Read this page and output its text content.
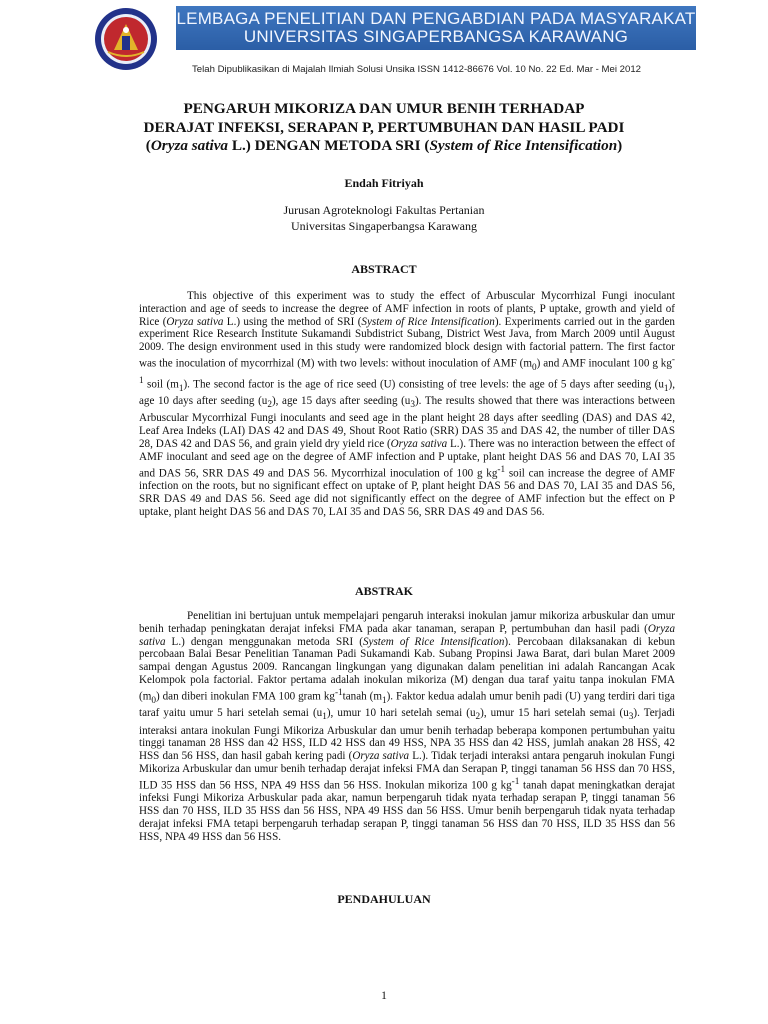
LEMBAGA PENELITIAN DAN PENGABDIAN PADA MASYARAKAT
UNIVERSITAS SINGAPERBANGSA KARAWANG
Telah Dipublikasikan di Majalah Ilmiah Solusi Unsika ISSN 1412-86676 Vol. 10 No. 22 Ed. Mar - Mei 2012
PENGARUH MIKORIZA DAN UMUR BENIH TERHADAP
DERAJAT INFEKSI, SERAPAN P, PERTUMBUHAN DAN HASIL PADI
(Oryza sativa L.) DENGAN METODA SRI (System of Rice Intensification)
Endah Fitriyah
Jurusan Agroteknologi Fakultas Pertanian
Universitas Singaperbangsa Karawang
ABSTRACT

This objective of this experiment was to study the effect of Arbuscular Mycorrhizal Fungi inoculant interaction and age of seeds to increase the degree of AMF infection in roots of plants, P uptake, growth and yield of Rice (Oryza sativa L.) using the method of SRI (System of Rice Intensification). Experiments carried out in the garden experiment Rice Research Institute Sukamandi Subdistrict Subang, District West Java, from March 2009 until August 2009. The design environment used in this study were randomized block design with factorial pattern. The first factor was the inoculation of mycorrhizal (M) with two levels: without inoculation of AMF $(m_0)$ and AMF inoculant 100 g $kg^{-1}$ soil $(m_1)$. The second factor is the age of rice seed (U) consisting of tree levels: the age of 5 days after seeding $(u_1)$, age 10 days after seeding $(u_2)$, age 15 days after seeding $(u_3)$. The results showed that there was interactions between Arbuscular Mycorrhizal Fungi inoculants and seed age in the plant height 28 days after seedling (DAS) and DAS 42, Leaf Area Indeks (LAI) DAS 42 and DAS 49, Shout Root Ratio (SRR) DAS 35 and DAS 42, the number of tiller DAS 28, DAS 42 and DAS 56, and grain yield dry yield rice (Oryza sativa L.). There was no interaction between the effect of AMF inoculant and seed age on the degree of AMF infection and P uptake, plant height DAS 56 and DAS 70, LAI 35 and DAS 56, SRR DAS 49 and DAS 56. Mycorrhizal inoculation of 100 g $kg^{-1}$ soil can increase the degree of AMF infection on the roots, but no significant effect on uptake of P, plant height DAS 56 and DAS 70, LAI 35 and DAS 56, SRR DAS 49 and DAS 56. Seed age did not significantly effect on the degree of AMF infection but the effect on P uptake, plant height DAS 56 and DAS 70, LAI 35 and DAS 56, SRR DAS 49 and DAS 56.

ABSTRAK

Penelitian ini bertujuan untuk mempelajari pengaruh interaksi inokulan jamur mikoriza arbuskular dan umur benih terhadap peningkatan derajat infeksi FMA pada akar tanaman, serapan P, pertumbuhan dan hasil padi (Oryza sativa L.) dengan menggunakan metoda SRI (System of Rice Intensification). Percobaan dilaksanakan di kebun percobaan Balai Besar Penelitian Tanaman Padi Sukamandi Kab. Subang Propinsi Jawa Barat, dari bulan Maret 2009 sampai dengan Agustus 2009. Rancangan lingkungan yang digunakan dalam penelitian ini adalah Rancangan Acak Kelompok pola factorial. Faktor pertama adalah inokulan mikoriza (M) dengan dua taraf yaitu tanpa inokulan FMA $(m_0)$ dan diberi inokulan FMA 100 gram $kg^{-1}tanah$ $(m_1)$. Faktor kedua adalah umur benih padi (U) yang terdiri dari tiga taraf yaitu umur 5 hari setelah semai $(u_1)$, umur 10 hari setelah semai $(u_2)$, umur 15 hari setelah semai $(u_3)$. Terjadi interaksi antara inokulan Fungi Mikoriza Arbuskular dan umur benih terhadap beberapa komponen pertumbuhan yaitu tinggi tanaman 28 HSS dan 42 HSS, ILD 42 HSS dan 49 HSS, NPA 35 HSS dan 42 HSS, jumlah anakan 28 HSS, 42 HSS dan 56 HSS, dan hasil gabah kering padi (Oryza sativa L.). Tidak terjadi interaksi antara pengaruh inokulan Fungi Mikoriza Arbuskular dan umur benih terhadap derajat infeksi FMA dan Serapan P, tinggi tanaman 56 HSS dan 70 HSS, ILD 35 HSS dan 56 HSS, NPA 49 HSS dan 56 HSS. Inokulan mikoriza 100 g $kg^{-1}$ tanah dapat meningkatkan derajat infeksi Fungi Mikoriza Arbuskular pada akar, namun berpengaruh tidak nyata terhadap serapan P, tinggi tanaman 56 HSS dan 70 HSS, ILD 35 HSS dan 56 HSS, NPA 49 HSS dan 56 HSS. Umur benih berpengaruh tidak nyata terhadap derajat infeksi FMA tetapi berpengaruh terhadap serapan P, tinggi tanaman 56 HSS dan 70 HSS, ILD 35 HSS dan 56 HSS, NPA 49 HSS dan 56 HSS.

PENDAHULUAN
1
